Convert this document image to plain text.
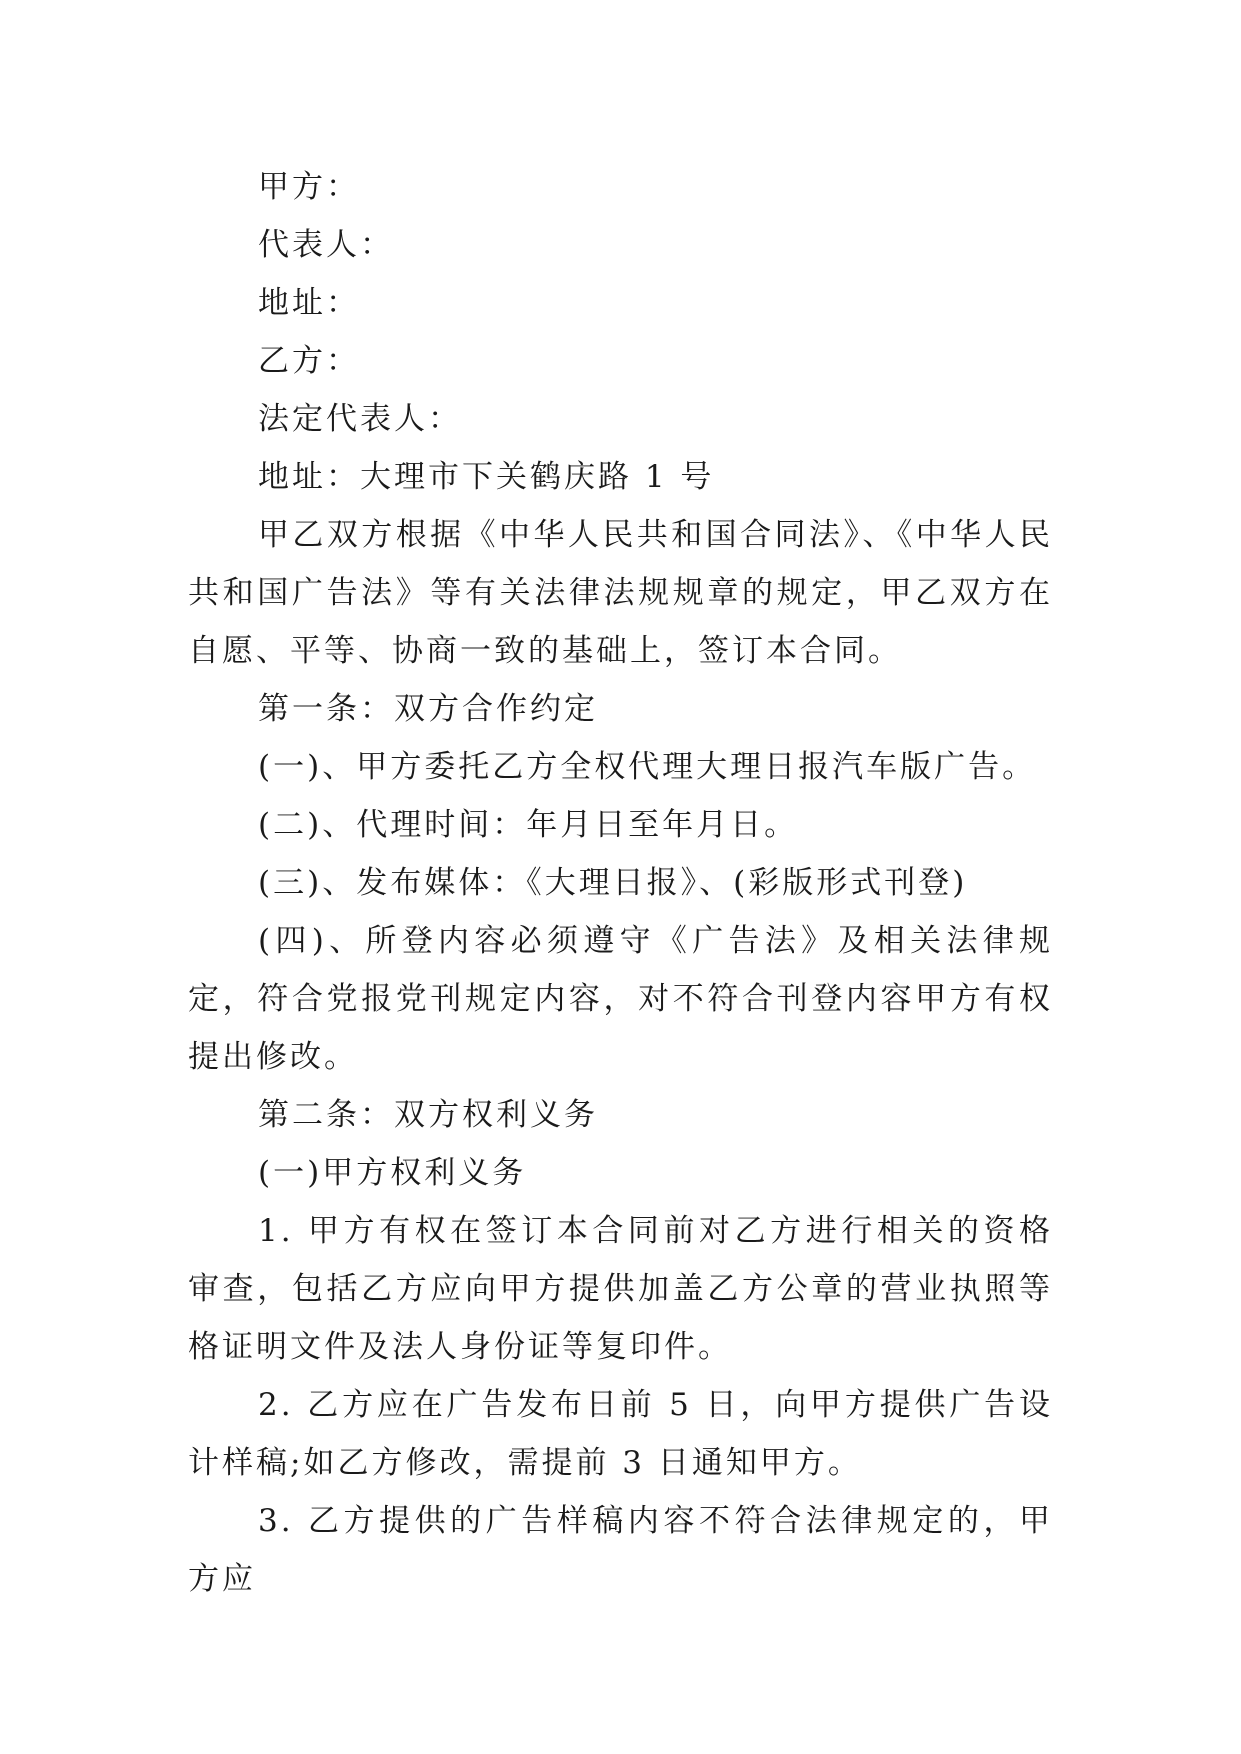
甲方：
代表人：
地址：
乙方：
法定代表人：
地址：大理市下关鹤庆路 1 号
甲乙双方根据《中华人民共和国合同法》、《中华人民共和国广告法》等有关法律法规规章的规定，甲乙双方在自愿、平等、协商一致的基础上，签订本合同。
第一条：双方合作约定
(一)、甲方委托乙方全权代理大理日报汽车版广告。
(二)、代理时间：年月日至年月日。
(三)、发布媒体：《大理日报》、(彩版形式刊登)
(四)、所登内容必须遵守《广告法》及相关法律规定，符合党报党刊规定内容，对不符合刊登内容甲方有权提出修改。
第二条：双方权利义务
(一)甲方权利义务
1. 甲方有权在签订本合同前对乙方进行相关的资格审查，包括乙方应向甲方提供加盖乙方公章的营业执照等格证明文件及法人身份证等复印件。
2. 乙方应在广告发布日前 5 日，向甲方提供广告设计样稿;如乙方修改，需提前 3 日通知甲方。
3. 乙方提供的广告样稿内容不符合法律规定的，甲方应
